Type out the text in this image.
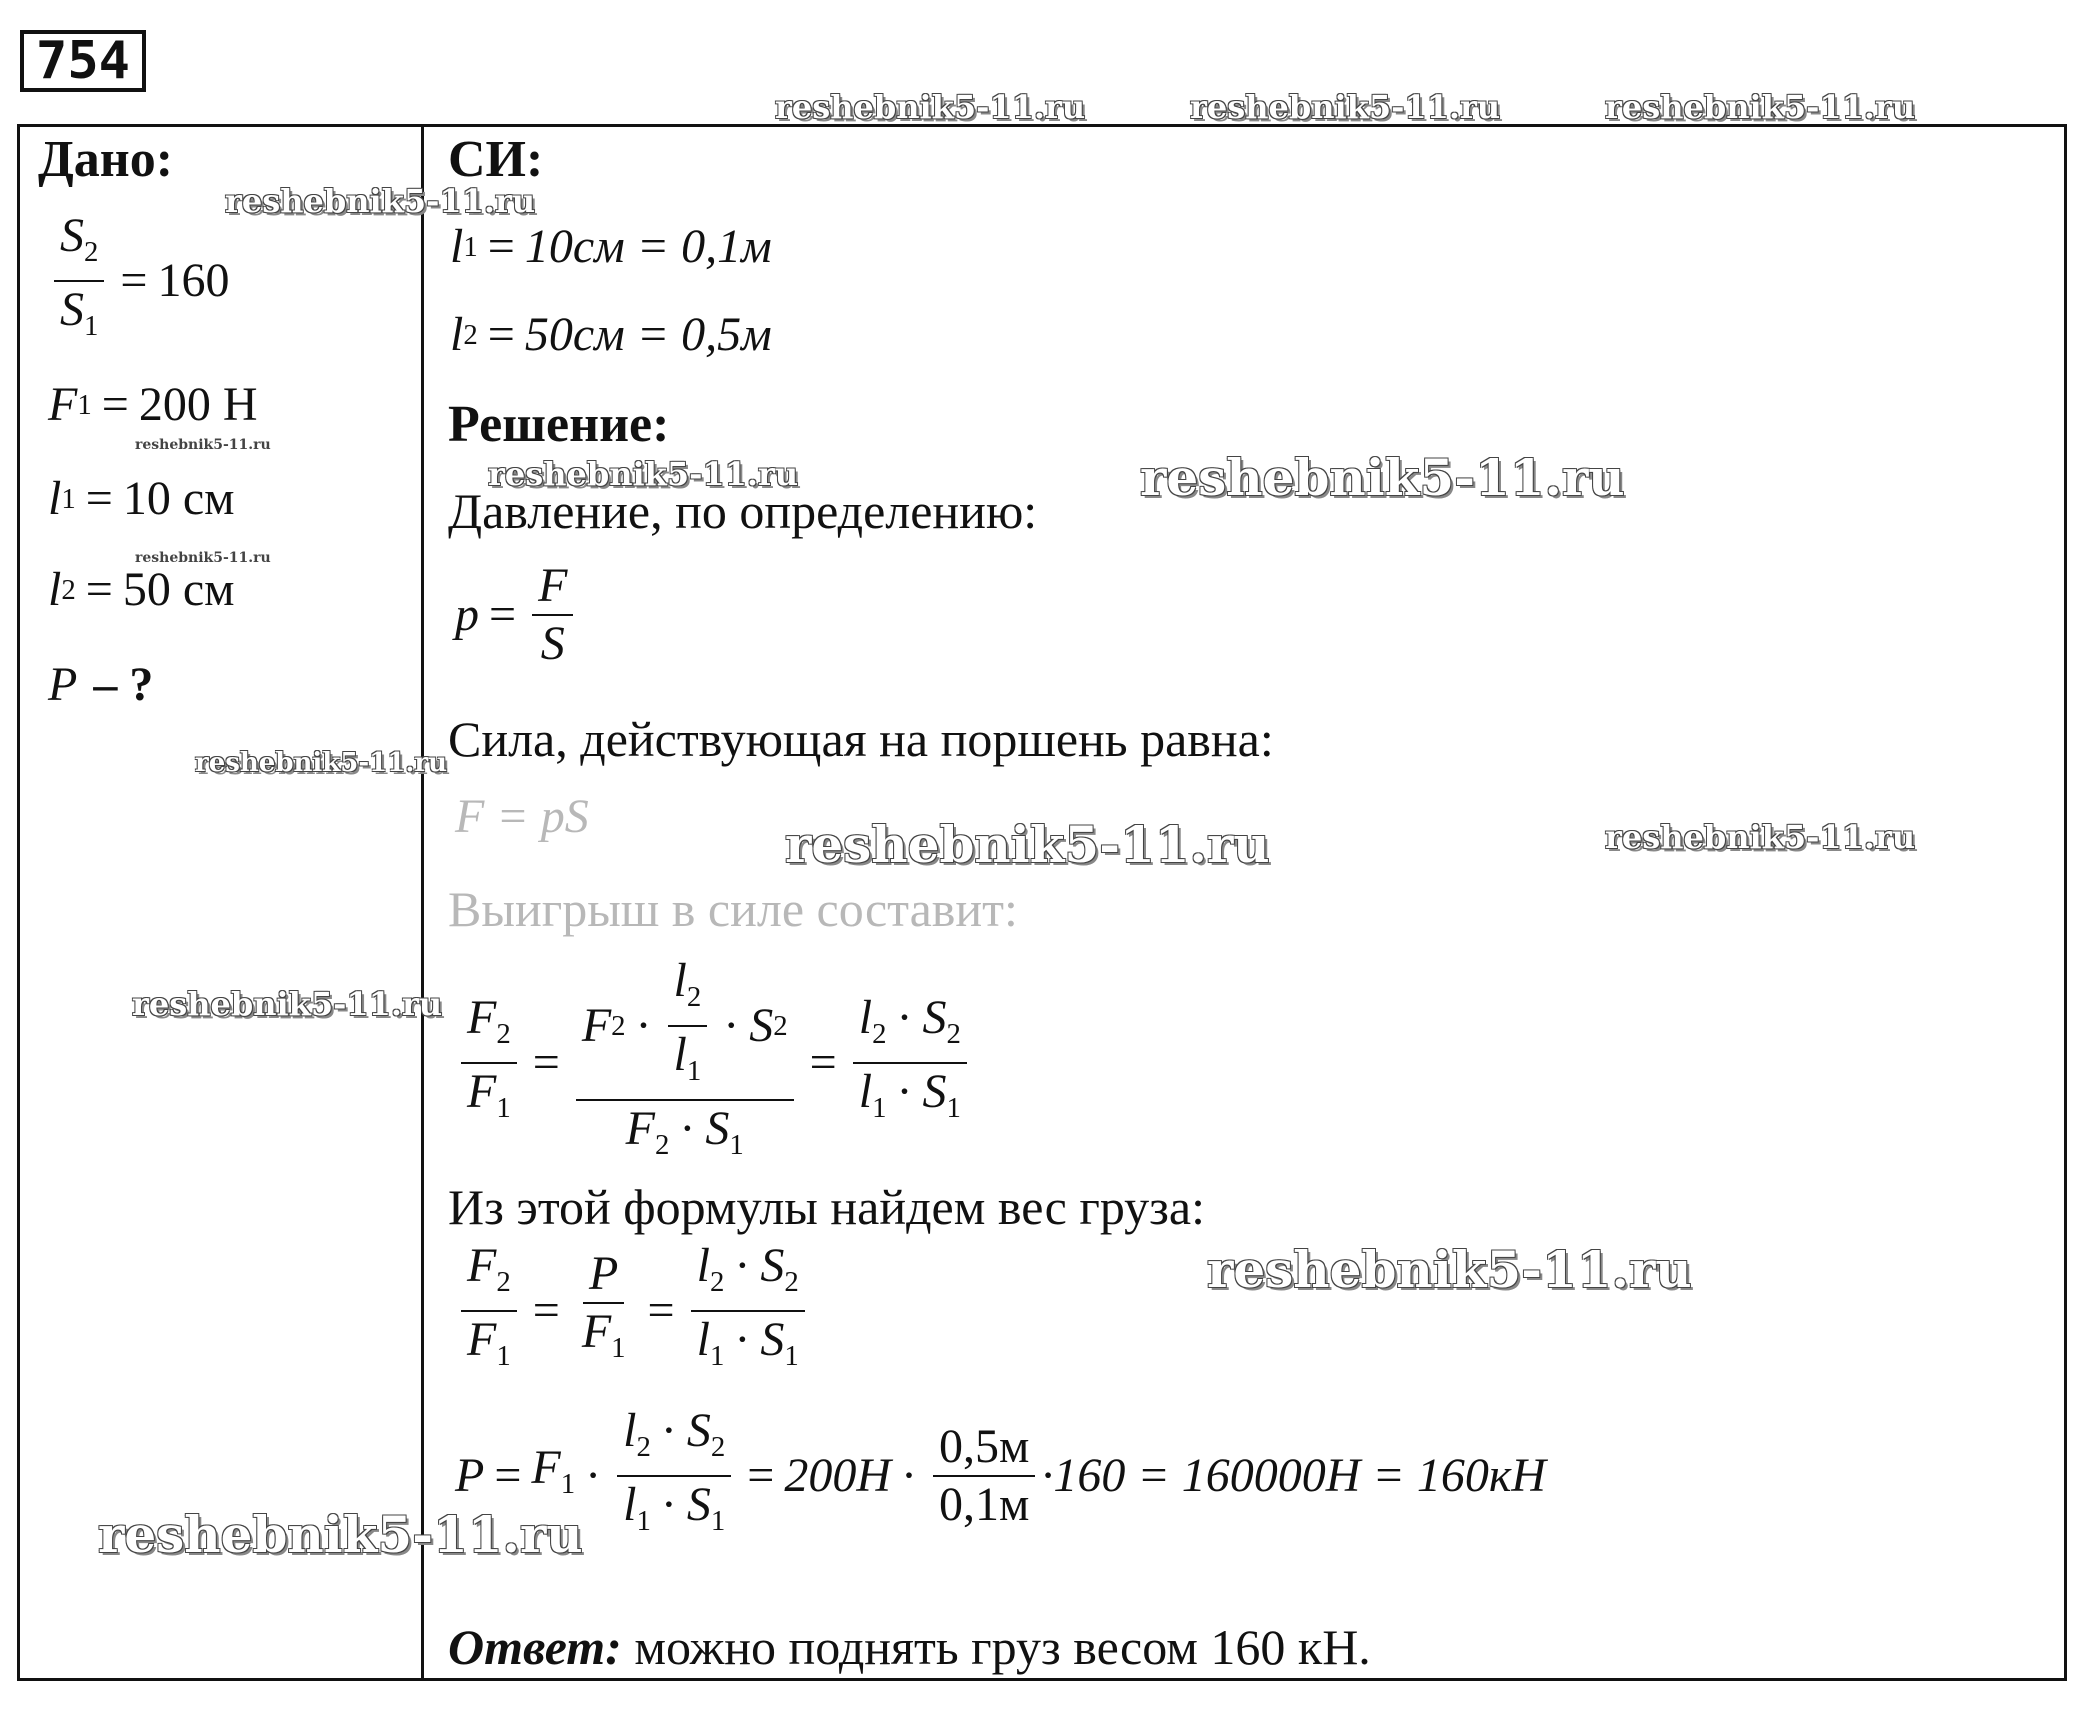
754
reshebnik5-11.ru	reshebnik5-11.ru	reshebnik5-11.ru
reshebnik5-11.ru
reshebnik5-11.ru
reshebnik5-11.ru
reshebnik5-11.ru	reshebnik5-11.ru
reshebnik5-11.ru
reshebnik5-11.ru	reshebnik5-11.ru
reshebnik5-11.ru
reshebnik5-11.ru
reshebnik5-11.ru
Дано:
$\frac{S_2}{S_1} = 160$
F 1 = 200 Н
l 1 = 10 см
l 2 = 50 см
P – ?
СИ:
l 1 = 10см = 0,1м
l 2 = 50см = 0,5м
Решение:
Давление, по определению:
$p = \frac{F}{S}$
Сила, действующая на поршень равна:
F = pS
Выигрыш в силе составит:
$\frac{F_2}{F_1} = \frac{F 2 \cdot \frac{l_2}{l_1} \cdot S 2}{F_2 \cdot S_1} = \frac{l_2 \cdot S_2}{l_1 \cdot S_1}$
Из этой формулы найдем вес груза:
$\frac{F_2}{F_1} = \frac{P}{F_1} = \frac{l_2 \cdot S_2}{l_1 \cdot S_1}$
$P = F_1 \cdot \frac{l_2 \cdot S_2}{l_1 \cdot S_1} = 200H \cdot \frac{0,5м}{0,1м} \cdot 160 = 160000H = 160кH$
Ответ: можно поднять груз весом 160 кН.
